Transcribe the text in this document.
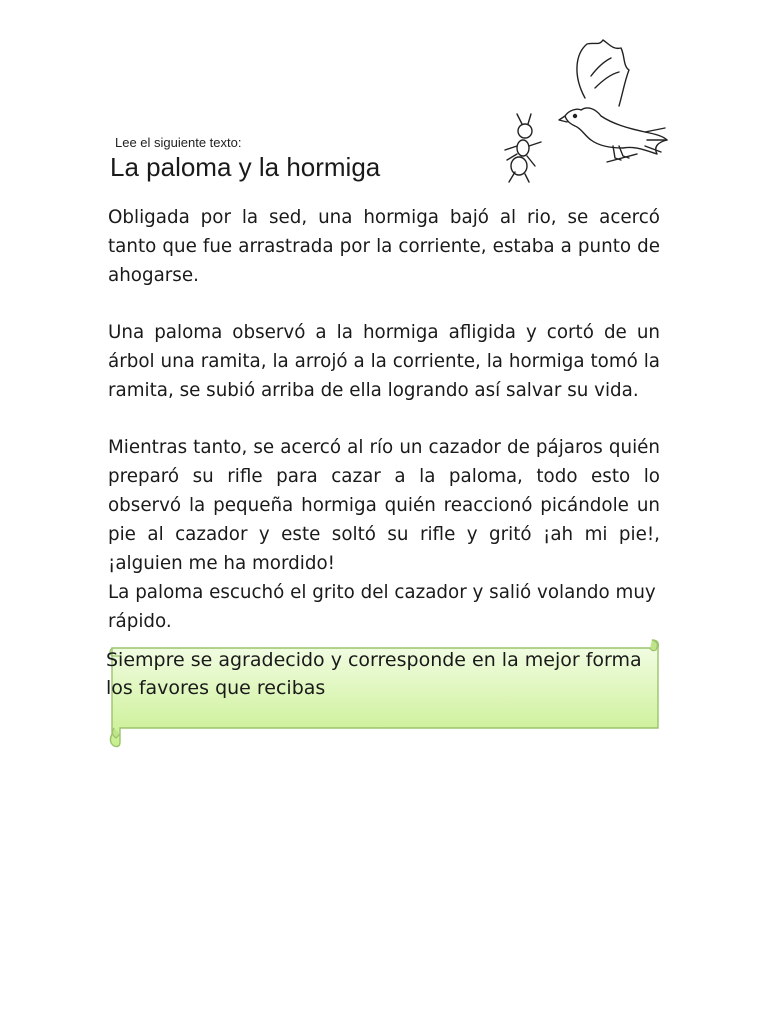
Lee el siguiente texto:
La paloma y la hormiga

Obligada por la sed, una hormiga bajó al rio, se acercó tanto que fue arrastrada por la corriente, estaba a punto de ahogarse.

Una paloma observó a la hormiga afligida y cortó de un árbol una ramita, la arrojó a la corriente, la hormiga tomó la ramita, se subió arriba de ella logrando así salvar su vida.

Mientras tanto, se acercó al río un cazador de pájaros quién preparó su rifle para cazar a la paloma, todo esto lo observó la pequeña hormiga quién reaccionó picándole un pie al cazador y este soltó su rifle y gritó ¡ah mi pie!, ¡alguien me ha mordido!

La paloma escuchó el grito del cazador y salió volando muy rápido.

Siempre se agradecido y corresponde en la mejor forma los favores que recibas
